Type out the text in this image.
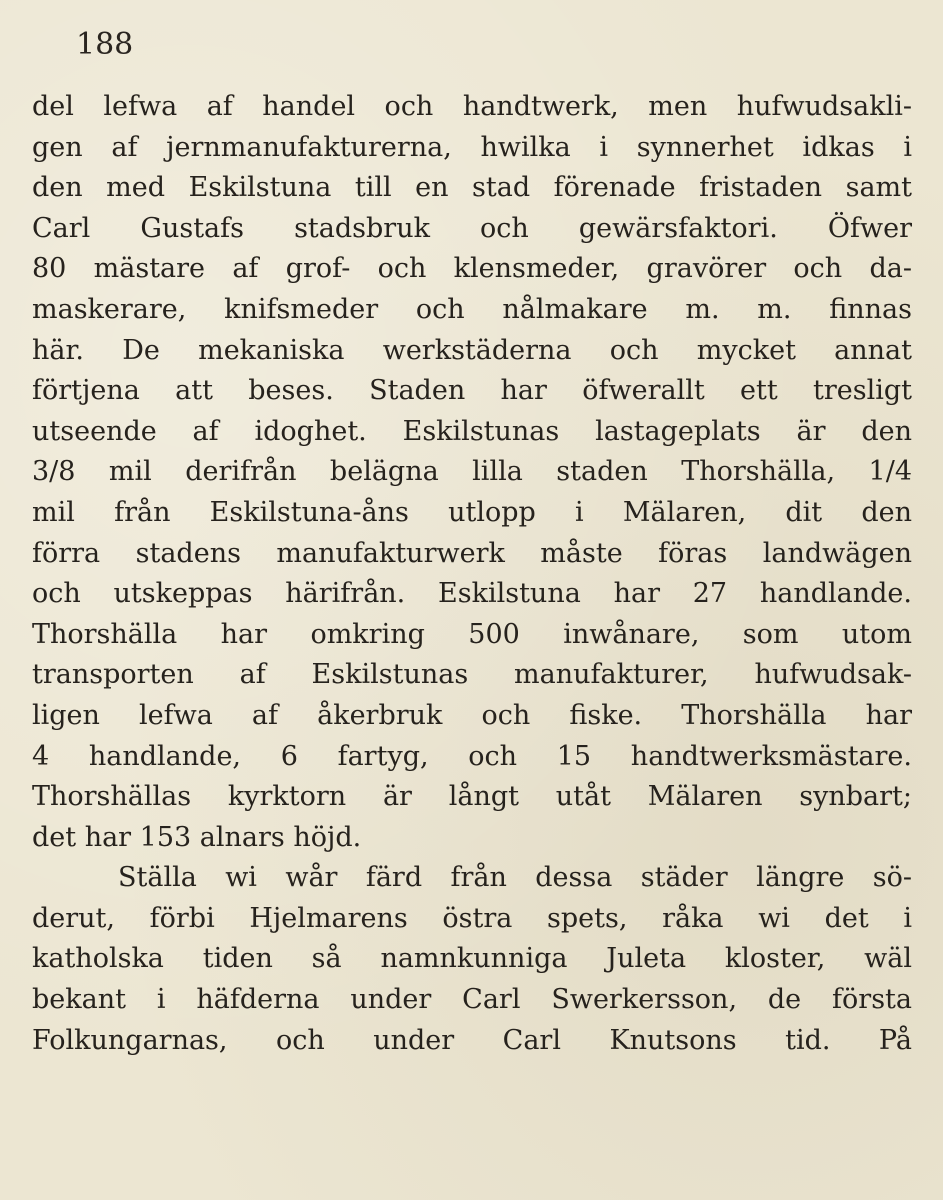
188
del lefwa af handel och handtwerk, men hufwudsakli-
gen af jernmanufakturerna, hwilka i synnerhet idkas i
den med Eskilstuna till en stad förenade fristaden samt
Carl Gustafs stadsbruk och gewärsfaktori. Öfwer
80 mästare af grof- och klensmeder, gravörer och da-
maskerare, knifsmeder och nålmakare m. m. finnas
här. De mekaniska werkstäderna och mycket annat
förtjena att beses. Staden har öfwerallt ett tresligt
utseende af idoghet. Eskilstunas lastageplats är den
3/8 mil derifrån belägna lilla staden Thorshälla, 1/4
mil från Eskilstuna-åns utlopp i Mälaren, dit den
förra stadens manufakturwerk måste föras landwägen
och utskeppas härifrån. Eskilstuna har 27 handlande.
Thorshälla har omkring 500 inwånare, som utom
transporten af Eskilstunas manufakturer, hufwudsak-
ligen lefwa af åkerbruk och fiske. Thorshälla har
4 handlande, 6 fartyg, och 15 handtwerksmästare.
Thorshällas kyrktorn är långt utåt Mälaren synbart;
det har 153 alnars höjd.
Ställa wi wår färd från dessa städer längre sö-
derut, förbi Hjelmarens östra spets, råka wi det i
katholska tiden så namnkunniga Juleta kloster, wäl
bekant i häfderna under Carl Swerkersson, de första
Folkungarnas, och under Carl Knutsons tid. På
